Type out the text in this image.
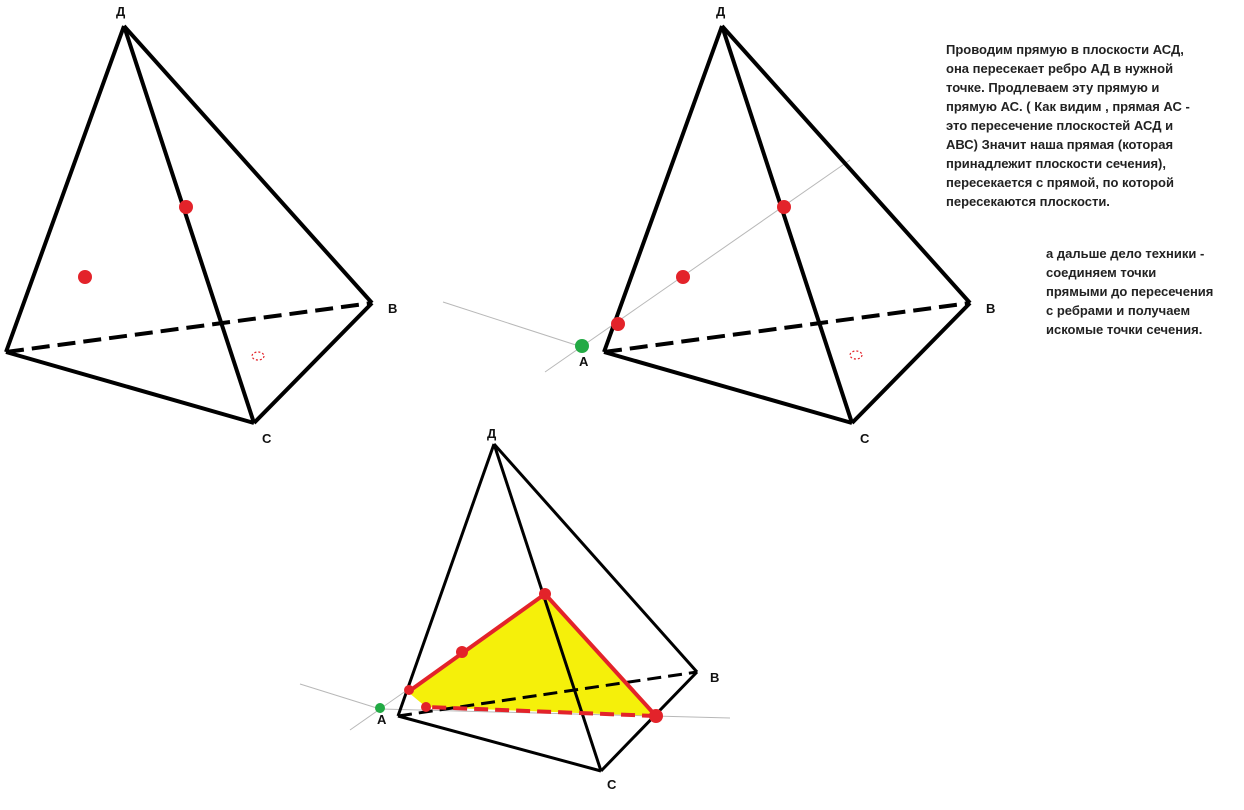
Д
B
C
Д
A
B
C
Д
A
B
C
Проводим прямую в плоскости АСД,
она пересекает ребро АД в нужной
точке. Продлеваем эту прямую и
прямую АС. ( Как видим , прямая АС -
это пересечение плоскостей АСД и
АВС) Значит наша прямая (которая
принадлежит плоскости сечения),
пересекается с прямой, по которой
пересекаются плоскости.
а дальше дело техники -
соединяем точки
прямыми до пересечения
с ребрами и получаем
искомые точки сечения.
